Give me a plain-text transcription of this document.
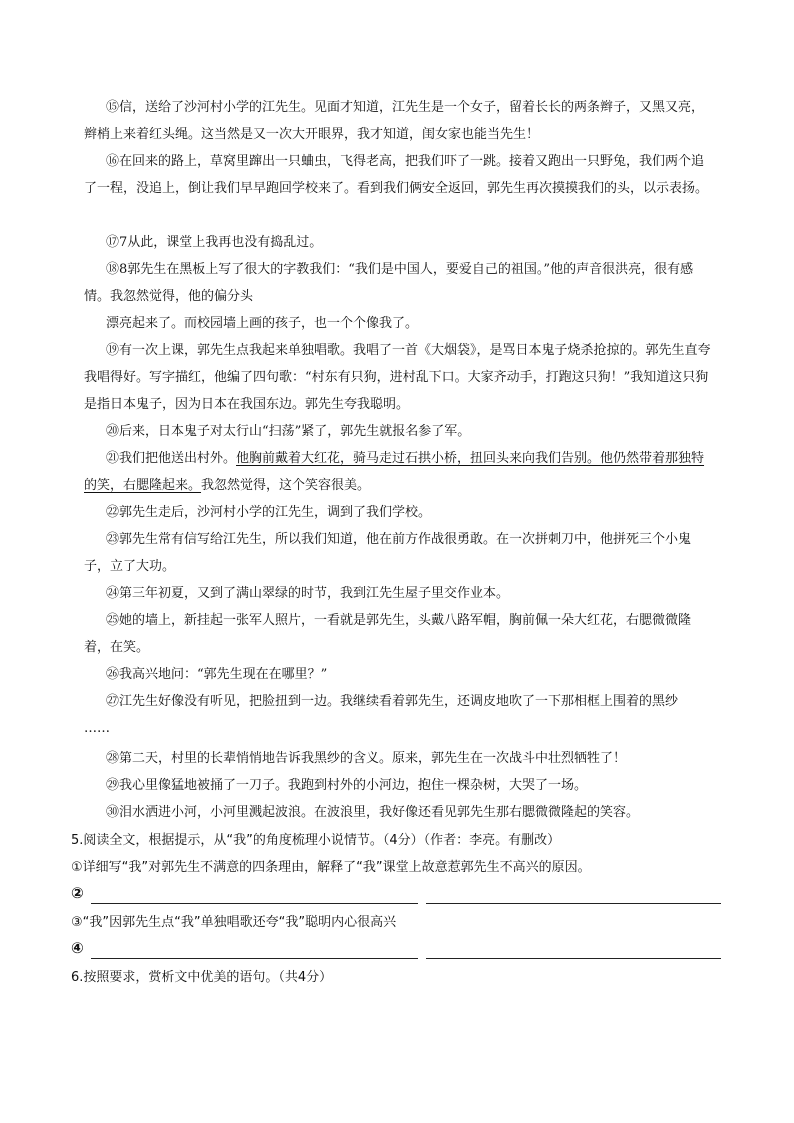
⑮信，送给了沙河村小学的江先生。见面才知道，江先生是一个女子，留着长长的两条辫子，又黑又亮，辫梢上来着红头绳。这当然是又一次大开眼界，我才知道，闺女家也能当先生！

⑯在回来的路上，草窝里蹿出一只蛐虫，飞得老高，把我们吓了一跳。接着又跑出一只野兔，我们两个追了一程，没追上，倒让我们早早跑回学校来了。看到我们俩安全返回，郭先生再次摸摸我们的头，以示表扬。

⑰7从此，课堂上我再也没有捣乱过。

⑱8郭先生在黑板上写了很大的字教我们：“我们是中国人，要爱自己的祖国。”他的声音很洪亮，很有感情。我忽然觉得，他的偏分头

漂亮起来了。而校园墙上画的孩子，也一个个像我了。

⑲有一次上课，郭先生点我起来单独唱歌。我唱了一首《大烟袋》，是骂日本鬼子烧杀抢掠的。郭先生直夸我唱得好。写字描红，他编了四句歌：“村东有只狗，进村乱下口。大家齐动手，打跑这只狗！”我知道这只狗是指日本鬼子，因为日本在我国东边。郭先生夸我聪明。

⑳后来，日本鬼子对太行山“扫荡”紧了，郭先生就报名参了军。

㉑我们把他送出村外。他胸前戴着大红花，骑马走过石拱小桥，扭回头来向我们告别。他仍然带着那独特的笑，右腮隆起来。我忽然觉得，这个笑容很美。

㉒郭先生走后，沙河村小学的江先生，调到了我们学校。

㉓郭先生常有信写给江先生，所以我们知道，他在前方作战很勇敢。在一次拼刺刀中，他拼死三个小鬼子，立了大功。

㉔第三年初夏，又到了满山翠绿的时节，我到江先生屋子里交作业本。

㉕她的墙上，新挂起一张军人照片，一看就是郭先生，头戴八路军帽，胸前佩一朵大红花，右腮微微隆着，在笑。

㉖我高兴地问：“郭先生现在在哪里？”

㉗江先生好像没有听见，把脸扭到一边。我继续看着郭先生，还调皮地吹了一下那相框上围着的黑纱

……

㉘第二天，村里的长辈悄悄地告诉我黑纱的含义。原来，郭先生在一次战斗中壮烈牺牲了！

㉙我心里像猛地被捅了一刀子。我跑到村外的小河边，抱住一棵杂树，大哭了一场。

㉚泪水洒进小河，小河里溅起波浪。在波浪里，我好像还看见郭先生那右腮微微隆起的笑容。

5.阅读全文，根据提示，从“我”的角度梳理小说情节。（4分）（作者：李亮。有删改）

①详细写“我”对郭先生不满意的四条理由，解释了“我”课堂上故意惹郭先生不高兴的原因。

②

③“我”因郭先生点“我”单独唱歌还夸“我”聪明内心很高兴

④

6.按照要求，赏析文中优美的语句。（共4分）
